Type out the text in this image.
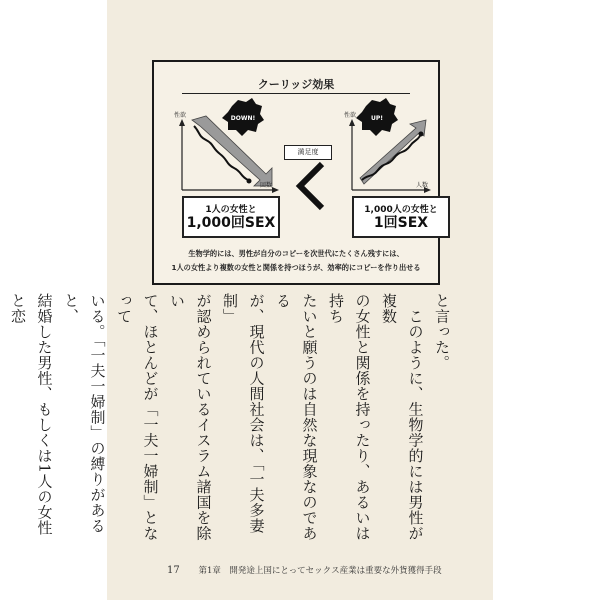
クーリッジ効果
DOWN!	UP!
性欲
回数
性欲
人数
満足度
1人の女性と
1,000回SEX
1,000人の女性と
1回SEX
生物学的には、男性が自分のコピーを次世代にたくさん残すには、
1人の女性より複数の女性と関係を持つほうが、効率的にコピーを作り出せる

と言った。

　このように、生物学的には男性が複数

の女性と関係を持ったり、あるいは持ち

たいと願うのは自然な現象なのである

が、現代の人間社会は、「一夫多妻制」

が認められているイスラム諸国を除い

て、ほとんどが「一夫一婦制」となって

いる。「一夫一婦制」の縛りがあると、

結婚した男性、もしくは1人の女性と恋

17 第1章　開発途上国にとってセックス産業は重要な外貨獲得手段
